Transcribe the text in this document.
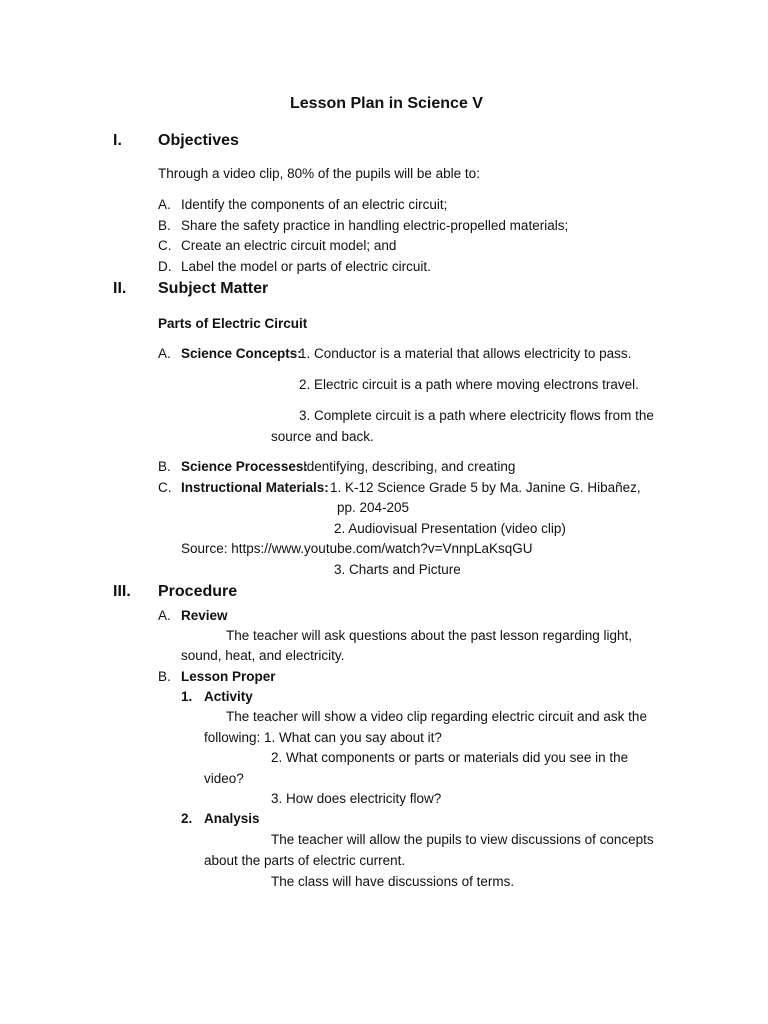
Lesson Plan in Science V
I. Objectives
Through a video clip, 80% of the pupils will be able to:
A. Identify the components of an electric circuit;
B. Share the safety practice in handling electric-propelled materials;
C. Create an electric circuit model; and
D. Label the model or parts of electric circuit.
II. Subject Matter
Parts of Electric Circuit
A. Science Concepts:
1. Conductor is a material that allows electricity to pass.
2. Electric circuit is a path where moving electrons travel.
3. Complete circuit is a path where electricity flows from the
source and back.
B. Science Processes:
Identifying, describing, and creating
C. Instructional Materials: 1. K-12 Science Grade 5 by Ma. Janine G. Hibañez,
pp. 204-205
2. Audiovisual Presentation (video clip)
Source: https://www.youtube.com/watch?v=VnnpLaKsqGU
3. Charts and Picture
III. Procedure
A. Review
The teacher will ask questions about the past lesson regarding light,
sound, heat, and electricity.
B. Lesson Proper
1. Activity
The teacher will show a video clip regarding electric circuit and ask the
following: 1. What can you say about it?
2. What components or parts or materials did you see in the
video?
3. How does electricity flow?
2. Analysis
The teacher will allow the pupils to view discussions of concepts
about the parts of electric current.
The class will have discussions of terms.
